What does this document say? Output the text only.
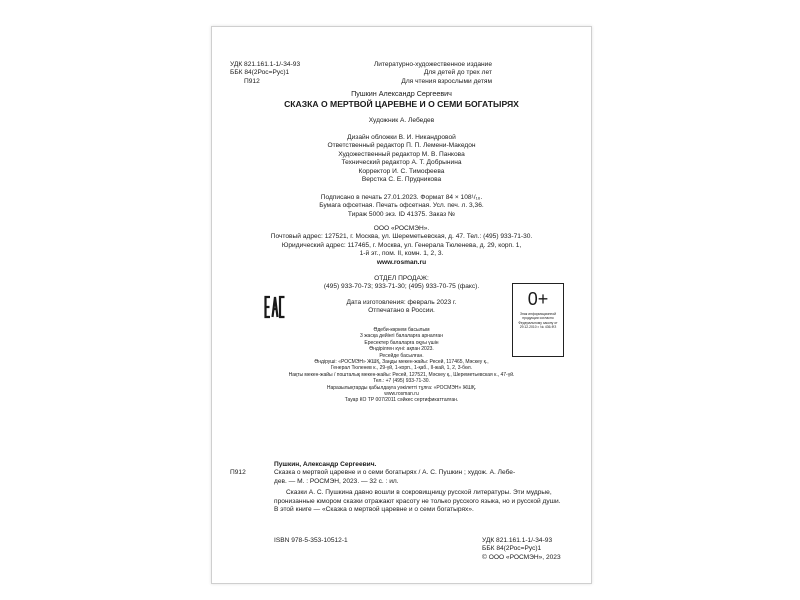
УДК 821.161.1-1/-34-93
ББК 84(2Рос=Рус)1
П912
Литературно-художественное издание
Для детей до трех лет
Для чтения взрослыми детям
Пушкин Александр Сергеевич
СКАЗКА О МЕРТВОЙ ЦАРЕВНЕ И О СЕМИ БОГАТЫРЯХ
Художник А. Лебедев
Дизайн обложки В. И. Никандровой
Ответственный редактор П. П. Лемени-Македон
Художественный редактор М. В. Панкова
Технический редактор А. Т. Добрынина
Корректор И. С. Тимофеева
Верстка С. Е. Прудникова
Подписано в печать 27.01.2023. Формат 84 × 108¹/₁₆.
Бумага офсетная. Печать офсетная. Усл. печ. л. 3,36.
Тираж 5000 экз. ID 41375. Заказ №
ООО «РОСМЭН».
Почтовый адрес: 127521, г. Москва, ул. Шереметьевская, д. 47. Тел.: (495) 933-71-30.
Юридический адрес: 117465, г. Москва, ул. Генерала Тюленева, д. 29, корп. 1,
1-й эт., пом. II, комн. 1, 2, 3.
www.rosman.ru
ОТДЕЛ ПРОДАЖ:
(495) 933-70-73; 933-71-30; (495) 933-70-75 (факс).
Дата изготовления: февраль 2023 г.
Отпечатано в России.
ЕАС	0+
Знак информационной продукции согласно Федеральному закону от 29.12.2010 г. № 436-ФЗ
Өдеби-көркем басылым
3 жасқа дейінгі балаларға арналған
Ересектер балаларға оқуы үшін
Өндірілген күні: ақпан 2023.
Ресейде басылған.
Өндіруші: «РОСМЭН» ЖШҚ, Заңды мекен-жайы: Ресей, 117465, Мәскеу қ.,
Генерал Тюленев к., 29-үй, 1-корп., 1-қаб., II-жай, 1, 2, 3-бөл.
Нақты мекен-жайы / пошталық мекен-жайы: Ресей, 127521, Мәскеу қ., Шереметьевская к., 47-үй.
Тел.: +7 (495) 933-71-30.
Наразылықтарды қабылдауға уәкілетті тұлға: «РОСМЭН» ЖШҚ.
www.rosman.ru
Тауар КО ТР 007/2011 сәйкес сертификатталған.

Пушкин, Александр Сергеевич.

П912	Сказка о мертвой царевне и о семи богатырях / А. С. Пушкин ; худож. А. Лебе-

дев. — М. : РОСМЭН, 2023. — 32 с. : ил.

Сказки А. С. Пушкина давно вошли в сокровищницу русской литературы. Эти мудрые,

пронизанные юмором сказки отражают красоту не только русского языка, но и русской души.

В этой книге — «Сказка о мертвой царевне и о семи богатырях».

ISBN 978-5-353-10512-1	УДК 821.161.1-1/-34-93
ББК 84(2Рос=Рус)1
© ООО «РОСМЭН», 2023
